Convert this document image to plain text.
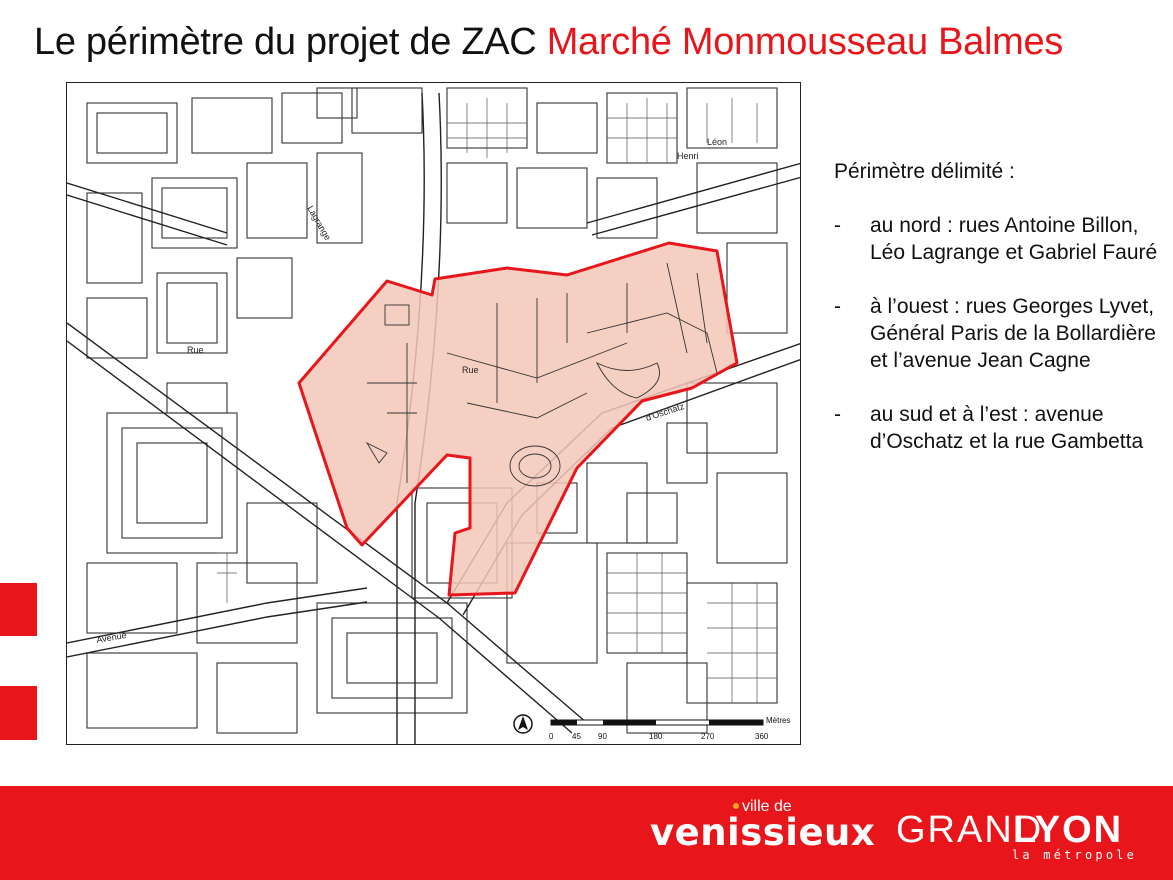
Le périmètre du projet de ZAC Marché Monmousseau Balmes
d'Oschatz
Avenue
Léon
Henri
Lagrange
Rue
Rue
Mètres
0 45 90	180	270	360
Périmètre délimité :
-	au nord : rues Antoine Billon, Léo Lagrange et Gabriel Fauré
-	à l’ouest : rues Georges Lyvet, Général Paris de la Bollardière et l’avenue Jean Cagne
-	au sud et à l’est : avenue d’Oschatz et la rue Gambetta
ville de
venissieux GRAND
LYON
la métropole
